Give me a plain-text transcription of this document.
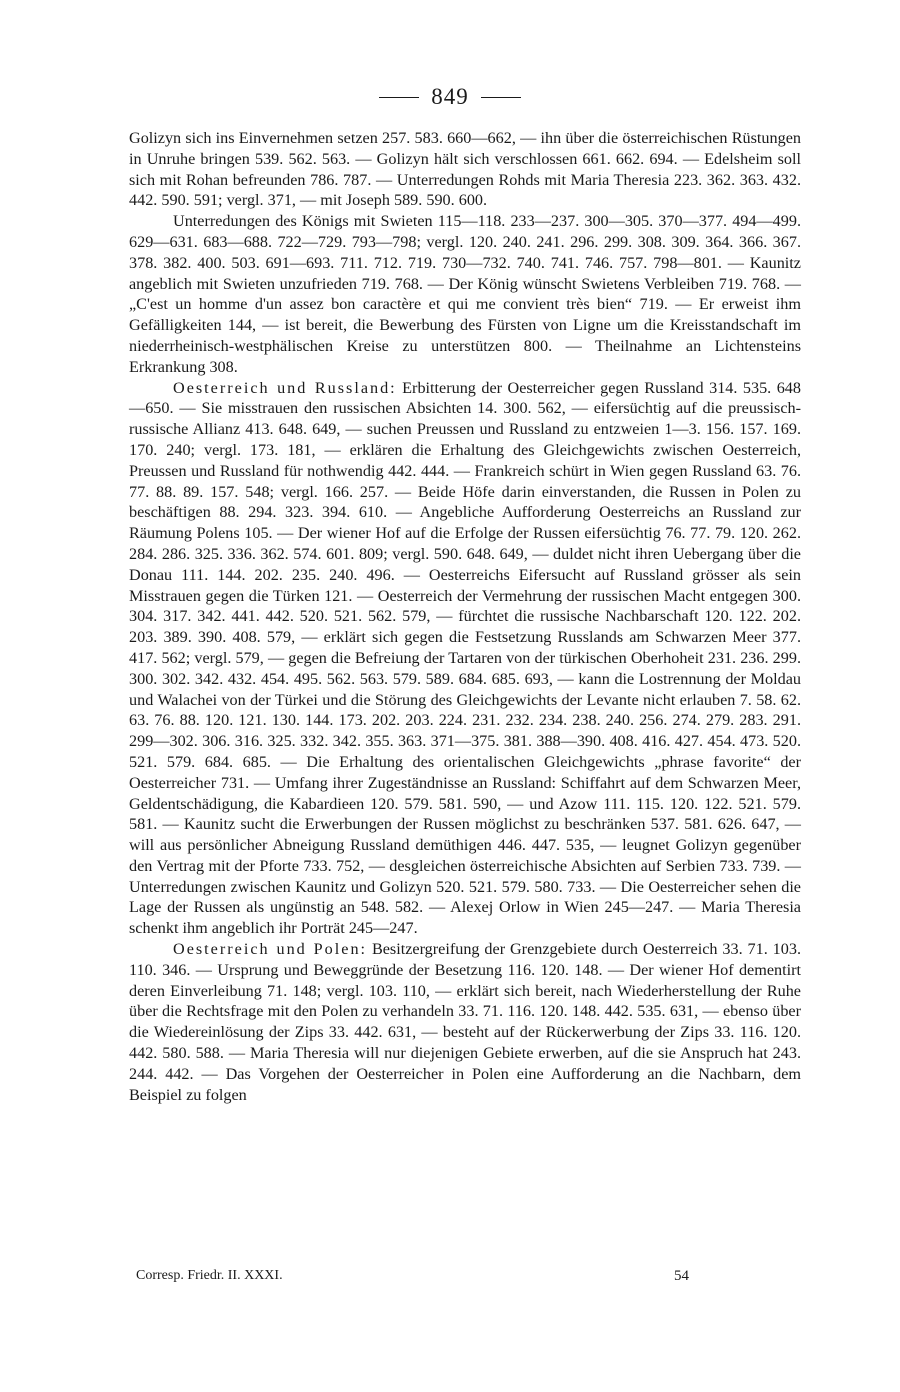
849

Golizyn sich ins Einvernehmen setzen 257. 583. 660—662, — ihn über die österreichischen Rüstungen in Unruhe bringen 539. 562. 563. — Golizyn hält sich verschlossen 661. 662. 694. — Edelsheim soll sich mit Rohan befreunden 786. 787. — Unterredungen Rohds mit Maria Theresia 223. 362. 363. 432. 442. 590. 591; vergl. 371, — mit Joseph 589. 590. 600.

Unterredungen des Königs mit Swieten 115—118. 233—237. 300—305. 370—377. 494—499. 629—631. 683—688. 722—729. 793—798; vergl. 120. 240. 241. 296. 299. 308. 309. 364. 366. 367. 378. 382. 400. 503. 691—693. 711. 712. 719. 730—732. 740. 741. 746. 757. 798—801. — Kaunitz angeblich mit Swieten unzufrieden 719. 768. — Der König wünscht Swietens Verbleiben 719. 768. — „C'est un homme d'un assez bon caractère et qui me convient très bien“ 719. — Er erweist ihm Gefälligkeiten 144, — ist bereit, die Bewerbung des Fürsten von Ligne um die Kreisstandschaft im niederrheinisch-westphälischen Kreise zu unterstützen 800. — Theilnahme an Lichtensteins Erkrankung 308.

Oesterreich und Russland: Erbitterung der Oesterreicher gegen Russland 314. 535. 648—650. — Sie misstrauen den russischen Absichten 14. 300. 562, — eifersüchtig auf die preussisch-russische Allianz 413. 648. 649, — suchen Preussen und Russland zu entzweien 1—3. 156. 157. 169. 170. 240; vergl. 173. 181, — erklären die Erhaltung des Gleichgewichts zwischen Oesterreich, Preussen und Russland für nothwendig 442. 444. — Frankreich schürt in Wien gegen Russland 63. 76. 77. 88. 89. 157. 548; vergl. 166. 257. — Beide Höfe darin einverstanden, die Russen in Polen zu beschäftigen 88. 294. 323. 394. 610. — Angebliche Aufforderung Oesterreichs an Russland zur Räumung Polens 105. — Der wiener Hof auf die Erfolge der Russen eifersüchtig 76. 77. 79. 120. 262. 284. 286. 325. 336. 362. 574. 601. 809; vergl. 590. 648. 649, — duldet nicht ihren Uebergang über die Donau 111. 144. 202. 235. 240. 496. — Oesterreichs Eifersucht auf Russland grösser als sein Misstrauen gegen die Türken 121. — Oesterreich der Vermehrung der russischen Macht entgegen 300. 304. 317. 342. 441. 442. 520. 521. 562. 579, — fürchtet die russische Nachbarschaft 120. 122. 202. 203. 389. 390. 408. 579, — erklärt sich gegen die Festsetzung Russlands am Schwarzen Meer 377. 417. 562; vergl. 579, — gegen die Befreiung der Tartaren von der türkischen Oberhoheit 231. 236. 299. 300. 302. 342. 432. 454. 495. 562. 563. 579. 589. 684. 685. 693, — kann die Lostrennung der Moldau und Walachei von der Türkei und die Störung des Gleichgewichts der Levante nicht erlauben 7. 58. 62. 63. 76. 88. 120. 121. 130. 144. 173. 202. 203. 224. 231. 232. 234. 238. 240. 256. 274. 279. 283. 291. 299—302. 306. 316. 325. 332. 342. 355. 363. 371—375. 381. 388—390. 408. 416. 427. 454. 473. 520. 521. 579. 684. 685. — Die Erhaltung des orientalischen Gleichgewichts „phrase favorite“ der Oesterreicher 731. — Umfang ihrer Zugeständnisse an Russland: Schiffahrt auf dem Schwarzen Meer, Geldentschädigung, die Kabardieen 120. 579. 581. 590, — und Azow 111. 115. 120. 122. 521. 579. 581. — Kaunitz sucht die Erwerbungen der Russen möglichst zu beschränken 537. 581. 626. 647, — will aus persönlicher Abneigung Russland demüthigen 446. 447. 535, — leugnet Golizyn gegenüber den Vertrag mit der Pforte 733. 752, — desgleichen österreichische Absichten auf Serbien 733. 739. — Unterredungen zwischen Kaunitz und Golizyn 520. 521. 579. 580. 733. — Die Oesterreicher sehen die Lage der Russen als ungünstig an 548. 582. — Alexej Orlow in Wien 245—247. — Maria Theresia schenkt ihm angeblich ihr Porträt 245—247.

Oesterreich und Polen: Besitzergreifung der Grenzgebiete durch Oesterreich 33. 71. 103. 110. 346. — Ursprung und Beweggründe der Besetzung 116. 120. 148. — Der wiener Hof dementirt deren Einverleibung 71. 148; vergl. 103. 110, — erklärt sich bereit, nach Wiederherstellung der Ruhe über die Rechtsfrage mit den Polen zu verhandeln 33. 71. 116. 120. 148. 442. 535. 631, — ebenso über die Wiedereinlösung der Zips 33. 442. 631, — besteht auf der Rückerwerbung der Zips 33. 116. 120. 442. 580. 588. — Maria Theresia will nur diejenigen Gebiete erwerben, auf die sie Anspruch hat 243. 244. 442. — Das Vorgehen der Oesterreicher in Polen eine Aufforderung an die Nachbarn, dem Beispiel zu folgen

Corresp. Friedr. II. XXXI.	54
